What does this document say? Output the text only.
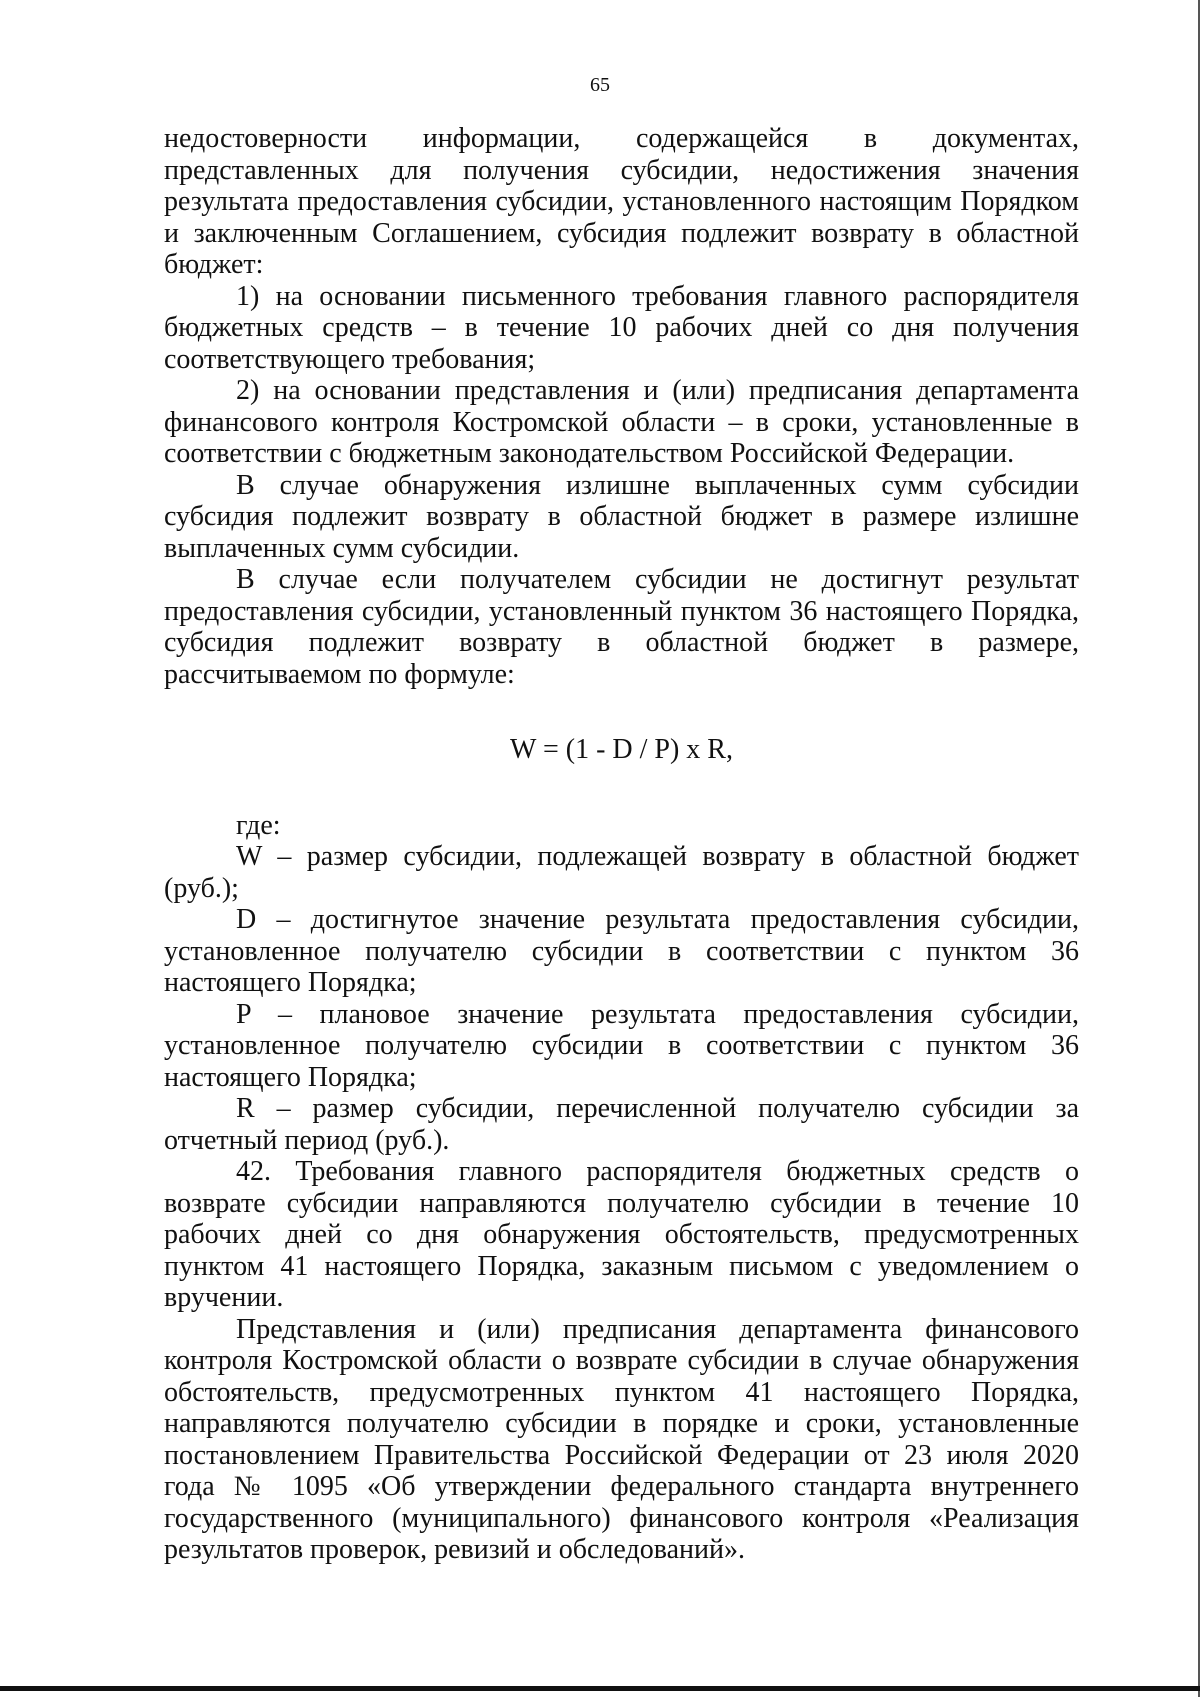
65

недостоверности информации, содержащейся в документах, представленных для получения субсидии, недостижения значения результата предоставления субсидии, установленного настоящим Порядком и заключенным Соглашением, субсидия подлежит возврату в областной бюджет:

1) на основании письменного требования главного распорядителя бюджетных средств – в течение 10 рабочих дней со дня получения соответствующего требования;

2) на основании представления и (или) предписания департамента финансового контроля Костромской области – в сроки, установленные в соответствии с бюджетным законодательством Российской Федерации.

В случае обнаружения излишне выплаченных сумм субсидии субсидия подлежит возврату в областной бюджет в размере излишне выплаченных сумм субсидии.

В случае если получателем субсидии не достигнут результат предоставления субсидии, установленный пунктом 36 настоящего Порядка, субсидия подлежит возврату в областной бюджет в размере, рассчитываемом по формуле:

W = (1 - D / P) x R,

где:

W – размер субсидии, подлежащей возврату в областной бюджет (руб.);

D – достигнутое значение результата предоставления субсидии, установленное получателю субсидии в соответствии с пунктом 36 настоящего Порядка;

P – плановое значение результата предоставления субсидии, установленное получателю субсидии в соответствии с пунктом 36 настоящего Порядка;

R – размер субсидии, перечисленной получателю субсидии за отчетный период (руб.).

42. Требования главного распорядителя бюджетных средств о возврате субсидии направляются получателю субсидии в течение 10 рабочих дней со дня обнаружения обстоятельств, предусмотренных пунктом 41 настоящего Порядка, заказным письмом с уведомлением о вручении.

Представления и (или) предписания департамента финансового контроля Костромской области о возврате субсидии в случае обнаружения обстоятельств, предусмотренных пунктом 41 настоящего Порядка, направляются получателю субсидии в порядке и сроки, установленные постановлением Правительства Российской Федерации от 23 июля 2020 года № 1095 «Об утверждении федерального стандарта внутреннего государственного (муниципального) финансового контроля «Реализация результатов проверок, ревизий и обследований».
